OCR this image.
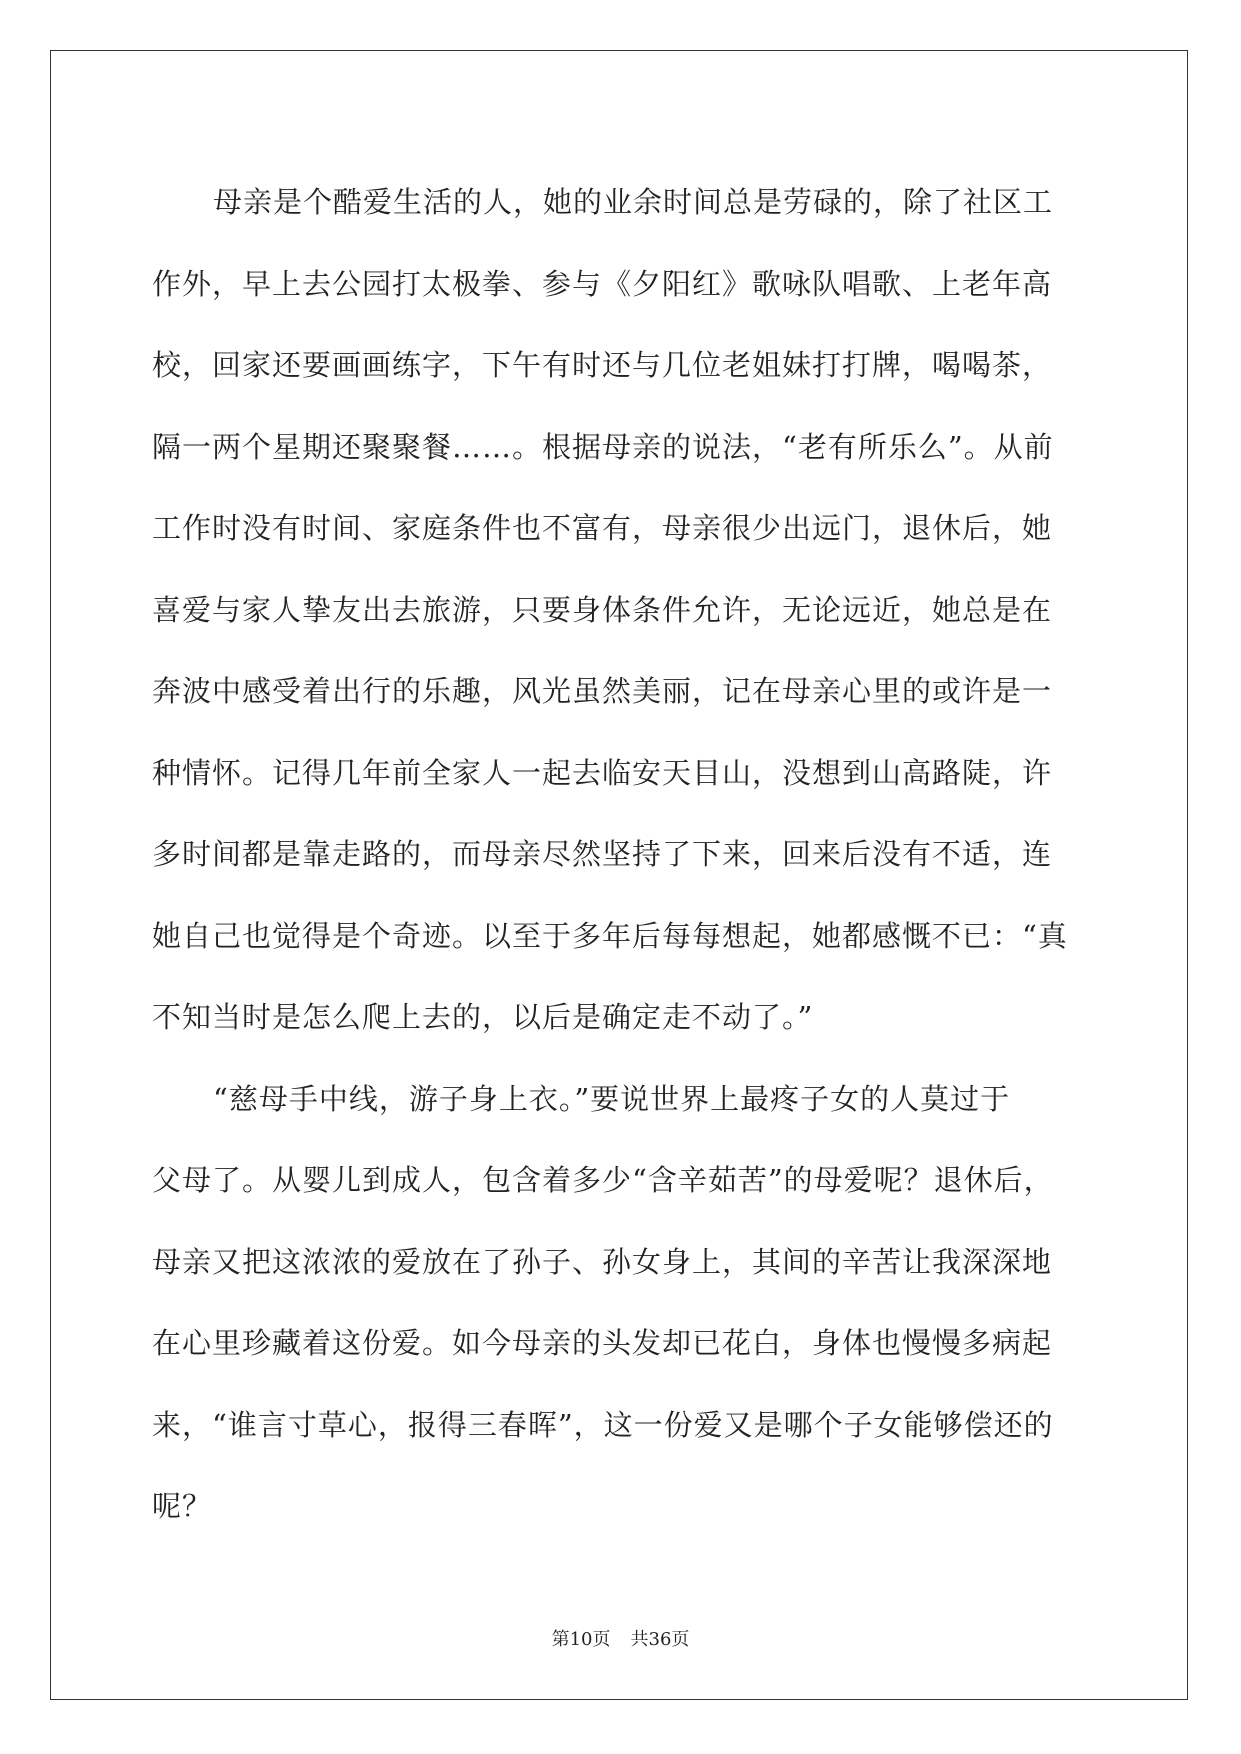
母亲是个酷爱生活的人，她的业余时间总是劳碌的，除了社区工
作外，早上去公园打太极拳、参与《夕阳红》歌咏队唱歌、上老年高
校，回家还要画画练字，下午有时还与几位老姐妹打打牌，喝喝茶，
隔一两个星期还聚聚餐……。根据母亲的说法，“老有所乐么”。从前
工作时没有时间、家庭条件也不富有，母亲很少出远门，退休后，她
喜爱与家人挚友出去旅游，只要身体条件允许，无论远近，她总是在
奔波中感受着出行的乐趣，风光虽然美丽，记在母亲心里的或许是一
种情怀。记得几年前全家人一起去临安天目山，没想到山高路陡，许
多时间都是靠走路的，而母亲尽然坚持了下来，回来后没有不适，连
她自己也觉得是个奇迹。以至于多年后每每想起，她都感慨不已：“真
不知当时是怎么爬上去的，以后是确定走不动了。”

“慈母手中线，游子身上衣。”要说世界上最疼子女的人莫过于
父母了。从婴儿到成人，包含着多少“含辛茹苦”的母爱呢？退休后，
母亲又把这浓浓的爱放在了孙子、孙女身上，其间的辛苦让我深深地
在心里珍藏着这份爱。如今母亲的头发却已花白，身体也慢慢多病起
来，“谁言寸草心，报得三春晖”，这一份爱又是哪个子女能够偿还的
呢？

第10页 共36页
